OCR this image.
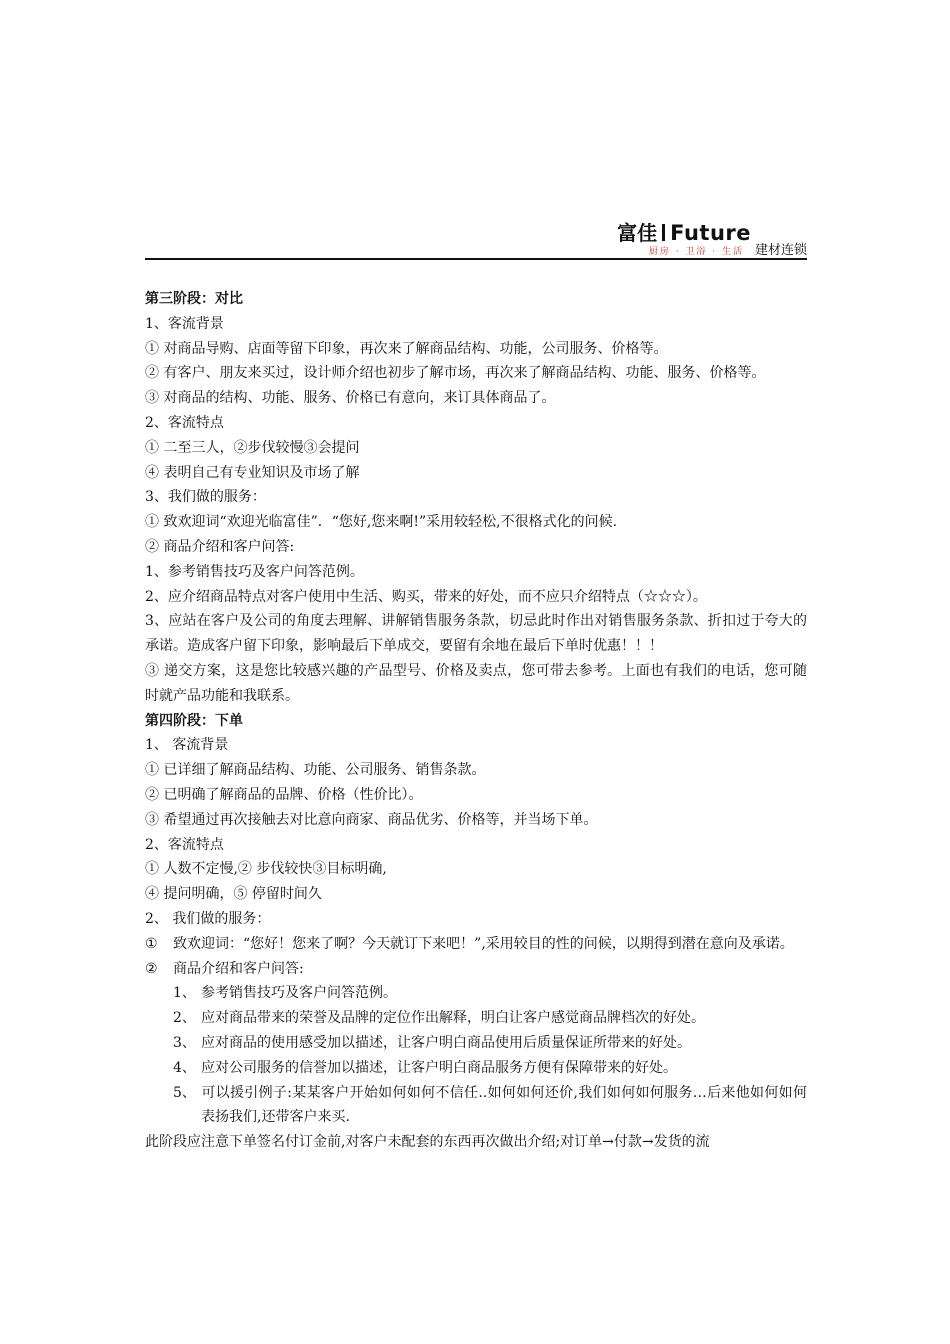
富佳 Future
厨房 · 卫浴 · 生活 建材连锁

第三阶段：对比

1、客流背景

① 对商品导购、店面等留下印象，再次来了解商品结构、功能，公司服务、价格等。

② 有客户、朋友来买过，设计师介绍也初步了解市场，再次来了解商品结构、功能、服务、价格等。

③ 对商品的结构、功能、服务、价格已有意向，来订具体商品了。

2、客流特点

① 二至三人，②步伐较慢③会提问

④ 表明自己有专业知识及市场了解

3、我们做的服务：

① 致欢迎词“欢迎光临富佳”．“您好,您来啊!”采用较轻松,不很格式化的问候.

② 商品介绍和客户问答:

1、参考销售技巧及客户问答范例。

2、应介绍商品特点对客户使用中生活、购买，带来的好处，而不应只介绍特点（☆☆☆）。

3、应站在客户及公司的角度去理解、讲解销售服务条款，切忌此时作出对销售服务条款、折扣过于夸大的承诺。造成客户留下印象，影响最后下单成交，要留有余地在最后下单时优惠！！！

③ 递交方案，这是您比较感兴趣的产品型号、价格及卖点，您可带去参考。上面也有我们的电话，您可随时就产品功能和我联系。

第四阶段：下单

1、 客流背景

① 已详细了解商品结构、功能、公司服务、销售条款。

② 已明确了解商品的品牌、价格（性价比）。

③ 希望通过再次接触去对比意向商家、商品优劣、价格等，并当场下单。

2、客流特点

① 人数不定慢,② 步伐较快③目标明确,

④ 提问明确，⑤ 停留时间久

2、 我们做的服务：

① 致欢迎词：“您好！您来了啊？今天就订下来吧！”,采用较目的性的问候，以期得到潜在意向及承诺。

② 商品介绍和客户问答:

1、 参考销售技巧及客户问答范例。

2、 应对商品带来的荣誉及品牌的定位作出解释，明白让客户感觉商品牌档次的好处。

3、 应对商品的使用感受加以描述，让客户明白商品使用后质量保证所带来的好处。

4、 应对公司服务的信誉加以描述，让客户明白商品服务方便有保障带来的好处。

5、 可以援引例子:某某客户开始如何如何不信任..如何如何还价,我们如何如何服务…后来他如何如何表扬我们,还带客户来买.

此阶段应注意下单签名付订金前,对客户未配套的东西再次做出介绍;对订单→付款→发货的流
